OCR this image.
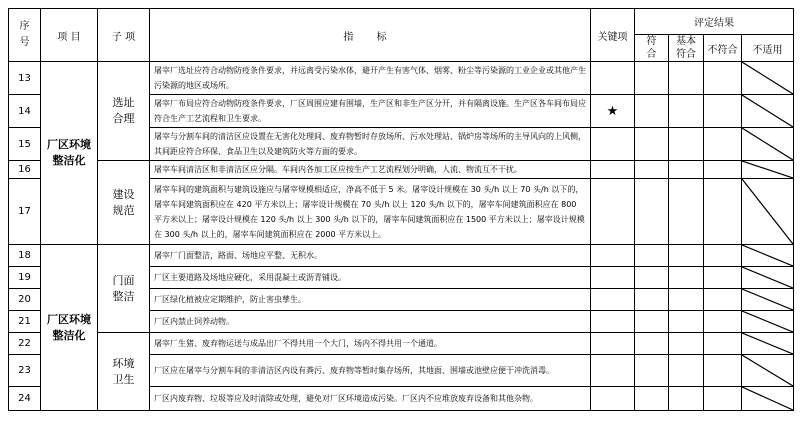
序号	项 目	子 项	指 标	关键项	评定结果			
					符合	基本符合	不符合	不适用
13	厂区环境整洁化	选址合理	屠宰厂选址应符合动物防疫条件要求，并远离受污染水体，避开产生有害气体、烟雾、粉尘等污染源的工业企业或其他产生污染源的地区或场所。					

14			屠宰厂布局应符合动物防疫条件要求，厂区周围应建有围墙，生产区和非生产区分开，并有隔离设施。生产区各车间布局应符合生产工艺流程和卫生要求。	★				

15			屠宰与分割车间的清洁区应设置在无害化处理间、废弃物暂时存放场所、污水处理站、锅炉房等场所的主导风向的上风侧，其间距应符合环保、食品卫生以及建筑防火等方面的要求。					

16		建设规范	屠宰车间清洁区和非清洁区应分隔。车间内各加工区应按生产工艺流程划分明确，人流、物流互不干扰。					

17			屠宰车间的建筑面积与建筑设施应与屠宰规模相适应，净高不低于 5 米。屠宰设计规模在 30 头/h 以上 70 头/h 以下的，屠宰车间建筑面积应在 420 平方米以上；屠宰设计规模在 70 头/h 以上 120 头/h 以下的，屠宰车间建筑面积应在 800 平方米以上；屠宰设计规模在 120 头/h 以上 300 头/h 以下的，屠宰车间建筑面积应在 1500 平方米以上；屠宰设计规模在 300 头/h 以上的，屠宰车间建筑面积应在 2000 平方米以上。					

18	厂区环境整洁化	门面整洁	屠宰厂门面整洁，路面、场地应平整、无积水。					

19			厂区主要道路及场地应硬化，采用混凝土或沥青铺设。					

20			厂区绿化植被应定期维护，防止害虫孳生。					

21			厂区内禁止饲养动物。					

22		环境卫生	屠宰厂生猪、废弃物运送与成品出厂不得共用一个大门，场内不得共用一个通道。					

23			厂区应在屠宰与分割车间的非清洁区内设有粪污、废弃物等暂时集存场所，其地面、围墙或池壁应便于冲洗消毒。					

24			厂区内废弃物、垃圾等应及时清除或处理，避免对厂区环境造成污染。厂区内不应堆放废弃设备和其他杂物。					
